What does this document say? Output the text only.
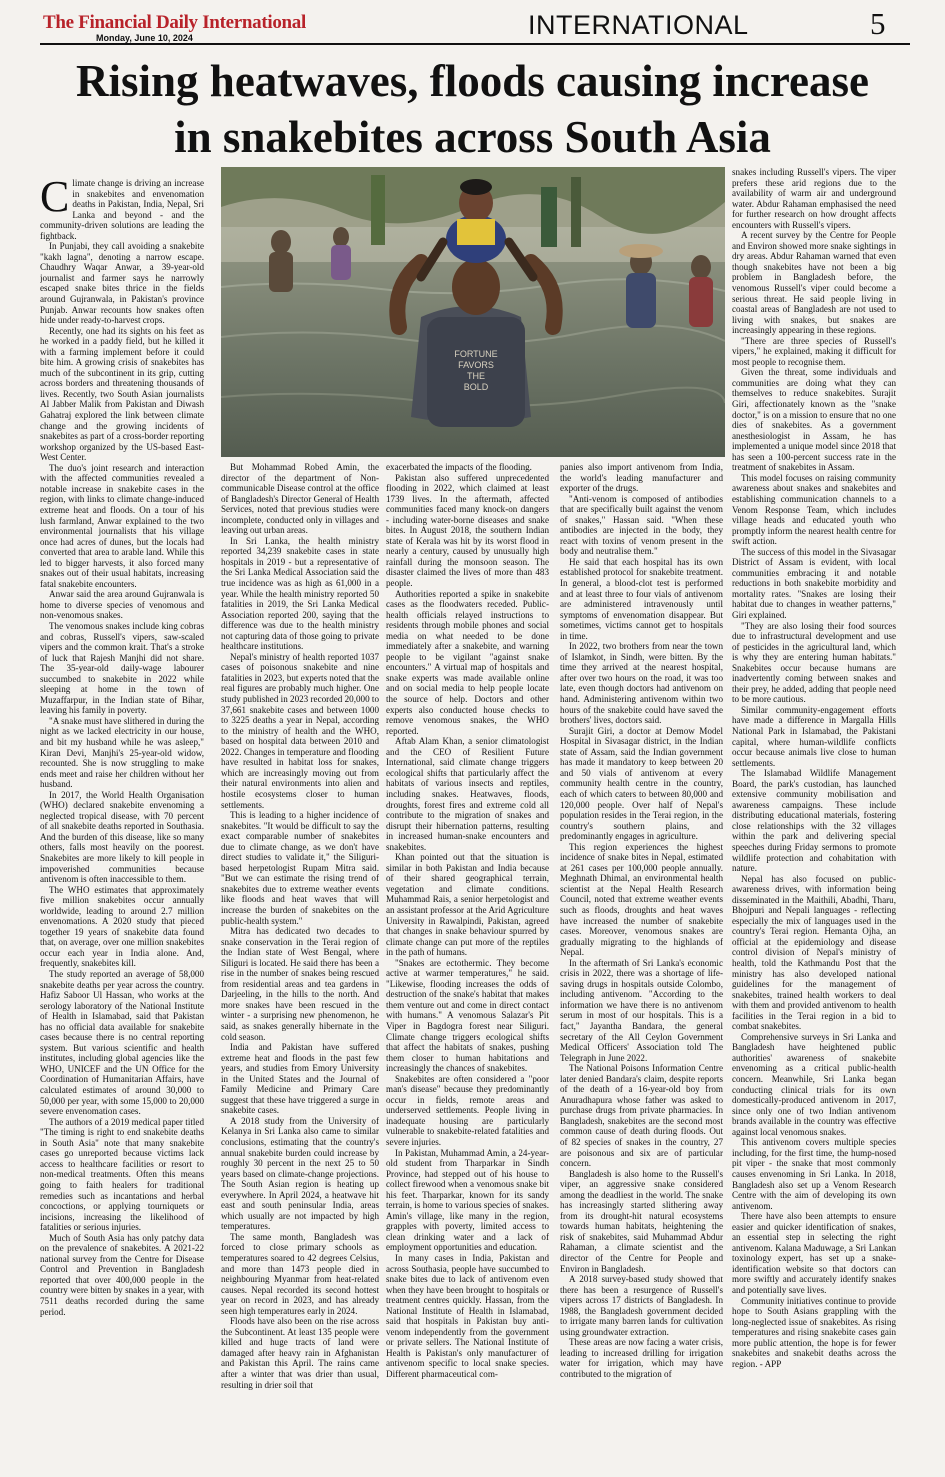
The Financial Daily International
Monday, June 10, 2024	INTERNATIONAL	5
Rising heatwaves, floods causing increase
in snakebites across South Asia
FORTUNE
FAVORS
THE
BOLD

Climate change is driving an increase in snakebites and envenomation deaths in Pakistan, India, Nepal, Sri Lanka and beyond - and the community-driven solutions are leading the fightback.

In Punjabi, they call avoiding a snakebite "kakh lagna", denoting a narrow escape. Chaudhry Waqar Anwar, a 39-year-old journalist and farmer says he narrowly escaped snake bites thrice in the fields around Gujranwala, in Pakistan's province Punjab. Anwar recounts how snakes often hide under ready-to-harvest crops.

Recently, one had its sights on his feet as he worked in a paddy field, but he killed it with a farming implement before it could bite him. A growing crisis of snakebites has much of the subcontinent in its grip, cutting across borders and threatening thousands of lives. Recently, two South Asian journalists Al Jabber Malik from Pakistan and Diwash Gahatraj explored the link between climate change and the growing incidents of snakebites as part of a cross-border reporting workshop organized by the US-based East-West Center.

The duo's joint research and interaction with the affected communities revealed a notable increase in snakebite cases in the region, with links to climate change-induced extreme heat and floods. On a tour of his lush farmland, Anwar explained to the two environmental journalists that his village once had acres of dunes, but the locals had converted that area to arable land. While this led to bigger harvests, it also forced many snakes out of their usual habitats, increasing fatal snakebite encounters.

Anwar said the area around Gujranwala is home to diverse species of venomous and non-venomous snakes.

The venomous snakes include king cobras and cobras, Russell's vipers, saw-scaled vipers and the common krait. That's a stroke of luck that Rajesh Manjhi did not share. The 35-year-old daily-wage labourer succumbed to snakebite in 2022 while sleeping at home in the town of Muzaffarpur, in the Indian state of Bihar, leaving his family in poverty.

"A snake must have slithered in during the night as we lacked electricity in our house, and bit my husband while he was asleep," Kiran Devi, Manjhi's 25-year-old widow, recounted. She is now struggling to make ends meet and raise her children without her husband.

In 2017, the World Health Organisation (WHO) declared snakebite envenoming a neglected tropical disease, with 70 percent of all snakebite deaths reported in Southasia. And the burden of this disease, like so many others, falls most heavily on the poorest. Snakebites are more likely to kill people in impoverished communities because antivenom is often inaccessible to them.

The WHO estimates that approximately five million snakebites occur annually worldwide, leading to around 2.7 million envenomations. A 2020 study that pieced together 19 years of snakebite data found that, on average, over one million snakebites occur each year in India alone. And, frequently, snakebites kill.

The study reported an average of 58,000 snakebite deaths per year across the country. Hafiz Saboor Ul Hassan, who works at the serology laboratory of the National Institute of Health in Islamabad, said that Pakistan has no official data available for snakebite cases because there is no central reporting system. But various scientific and health institutes, including global agencies like the WHO, UNICEF and the UN Office for the Coordination of Humanitarian Affairs, have calculated estimates of around 30,000 to 50,000 per year, with some 15,000 to 20,000 severe envenomation cases.

The authors of a 2019 medical paper titled "The timing is right to end snakebite deaths in South Asia" note that many snakebite cases go unreported because victims lack access to healthcare facilities or resort to non-medical treatments. Often this means going to faith healers for traditional remedies such as incantations and herbal concoctions, or applying tourniquets or incisions, increasing the likelihood of fatalities or serious injuries.

Much of South Asia has only patchy data on the prevalence of snakebites. A 2021-22 national survey from the Centre for Disease Control and Prevention in Bangladesh reported that over 400,000 people in the country were bitten by snakes in a year, with 7511 deaths recorded during the same period.

But Mohammad Robed Amin, the director of the department of Non-communicable Disease control at the office of Bangladesh's Director General of Health Services, noted that previous studies were incomplete, conducted only in villages and leaving out urban areas.

In Sri Lanka, the health ministry reported 34,239 snakebite cases in state hospitals in 2019 - but a representative of the Sri Lanka Medical Association said the true incidence was as high as 61,000 in a year. While the health ministry reported 50 fatalities in 2019, the Sri Lanka Medical Association reported 200, saying that the difference was due to the health ministry not capturing data of those going to private healthcare institutions.

Nepal's ministry of health reported 1037 cases of poisonous snakebite and nine fatalities in 2023, but experts noted that the real figures are probably much higher. One study published in 2023 recorded 20,000 to 37,661 snakebite cases and between 1000 to 3225 deaths a year in Nepal, according to the ministry of health and the WHO, based on hospital data between 2010 and 2022. Changes in temperature and flooding have resulted in habitat loss for snakes, which are increasingly moving out from their natural environments into alien and hostile ecosystems closer to human settlements.

This is leading to a higher incidence of snakebites. "It would be difficult to say the exact comparable number of snakebites due to climate change, as we don't have direct studies to validate it," the Siliguri-based herpetologist Rupam Mitra said. "But we can estimate the rising trend of snakebites due to extreme weather events like floods and heat waves that will increase the burden of snakebites on the public-health system."

Mitra has dedicated two decades to snake conservation in the Terai region of the Indian state of West Bengal, where Siliguri is located. He said there has been a rise in the number of snakes being rescued from residential areas and tea gardens in Darjeeling, in the hills to the north. And more snakes have been rescued in the winter - a surprising new phenomenon, he said, as snakes generally hibernate in the cold season.

India and Pakistan have suffered extreme heat and floods in the past few years, and studies from Emory University in the United States and the Journal of Family Medicine and Primary Care suggest that these have triggered a surge in snakebite cases.

A 2018 study from the University of Kelanya in Sri Lanka also came to similar conclusions, estimating that the country's annual snakebite burden could increase by roughly 30 percent in the next 25 to 50 years based on climate-change projections. The South Asian region is heating up everywhere. In April 2024, a heatwave hit east and south peninsular India, areas which usually are not impacted by high temperatures.

The same month, Bangladesh was forced to close primary schools as temperatures soared to 42 degrees Celsius, and more than 1473 people died in neighbouring Myanmar from heat-related causes. Nepal recorded its second hottest year on record in 2023, and has already seen high temperatures early in 2024.

Floods have also been on the rise across the Subcontinent. At least 135 people were killed and huge tracts of land were damaged after heavy rain in Afghanistan and Pakistan this April. The rains came after a winter that was drier than usual, resulting in drier soil that

exacerbated the impacts of the flooding.

Pakistan also suffered unprecedented flooding in 2022, which claimed at least 1739 lives. In the aftermath, affected communities faced many knock-on dangers - including water-borne diseases and snake bites. In August 2018, the southern Indian state of Kerala was hit by its worst flood in nearly a century, caused by unusually high rainfall during the monsoon season. The disaster claimed the lives of more than 483 people.

Authorities reported a spike in snakebite cases as the floodwaters receded. Public-health officials relayed instructions to residents through mobile phones and social media on what needed to be done immediately after a snakebite, and warning people to be vigilant "against snake encounters." A virtual map of hospitals and snake experts was made available online and on social media to help people locate the source of help. Doctors and other experts also conducted house checks to remove venomous snakes, the WHO reported.

Aftab Alam Khan, a senior climatologist and the CEO of Resilient Future International, said climate change triggers ecological shifts that particularly affect the habitats of various insects and reptiles, including snakes. Heatwaves, floods, droughts, forest fires and extreme cold all contribute to the migration of snakes and disrupt their hibernation patterns, resulting in increased human-snake encounters and snakebites.

Khan pointed out that the situation is similar in both Pakistan and India because of their shared geographical terrain, vegetation and climate conditions. Muhammad Rais, a senior herpetologist and an assistant professor at the Arid Agriculture University in Rawalpindi, Pakistan, agreed that changes in snake behaviour spurred by climate change can put more of the reptiles in the path of humans.

"Snakes are ectothermic. They become active at warmer temperatures," he said. "Likewise, flooding increases the odds of destruction of the snake's habitat that makes them venture out and come in direct contact with humans." A venomous Salazar's Pit Viper in Bagdogra forest near Siliguri. Climate change triggers ecological shifts that affect the habitats of snakes, pushing them closer to human habitations and increasingly the chances of snakebites.

Snakebites are often considered a "poor man's disease" because they predominantly occur in fields, remote areas and underserved settlements. People living in inadequate housing are particularly vulnerable to snakebite-related fatalities and severe injuries.

In Pakistan, Muhammad Amin, a 24-year-old student from Tharparkar in Sindh Province, had stepped out of his house to collect firewood when a venomous snake bit his feet. Tharparkar, known for its sandy terrain, is home to various species of snakes. Amin's village, like many in the region, grapples with poverty, limited access to clean drinking water and a lack of employment opportunities and education.

In many cases in India, Pakistan and across Southasia, people have succumbed to snake bites due to lack of antivenom even when they have been brought to hospitals or treatment centres quickly. Hassan, from the National Institute of Health in Islamabad, said that hospitals in Pakistan buy anti-venom independently from the government or private sellers. The National Institute of Health is Pakistan's only manufacturer of antivenom specific to local snake species. Different pharmaceutical com-

panies also import antivenom from India, the world's leading manufacturer and exporter of the drugs.

"Anti-venom is composed of antibodies that are specifically built against the venom of snakes," Hassan said. "When these antibodies are injected in the body, they react with toxins of venom present in the body and neutralise them."

He said that each hospital has its own established protocol for snakebite treatment. In general, a blood-clot test is performed and at least three to four vials of antivenom are administered intravenously until symptoms of envenomation disappear. But sometimes, victims cannot get to hospitals in time.

In 2022, two brothers from near the town of Islamkot, in Sindh, were bitten. By the time they arrived at the nearest hospital, after over two hours on the road, it was too late, even though doctors had antivenom on hand. Administering antivenom within two hours of the snakebite could have saved the brothers' lives, doctors said.

Surajit Giri, a doctor at Demow Model Hospital in Sivasagar district, in the Indian state of Assam, said the Indian government has made it mandatory to keep between 20 and 50 vials of antivenom at every community health centre in the country, each of which caters to between 80,000 and 120,000 people. Over half of Nepal's population resides in the Terai region, in the country's southern plains, and predominantly engages in agriculture.

This region experiences the highest incidence of snake bites in Nepal, estimated at 261 cases per 100,000 people annually. Meghnath Dhimal, an environmental health scientist at the Nepal Health Research Council, noted that extreme weather events such as floods, droughts and heat waves have increased the number of snakebite cases. Moreover, venomous snakes are gradually migrating to the highlands of Nepal.

In the aftermath of Sri Lanka's economic crisis in 2022, there was a shortage of life-saving drugs in hospitals outside Colombo, including antivenom. "According to the information we have there is no antivenom serum in most of our hospitals. This is a fact," Jayantha Bandara, the general secretary of the All Ceylon Government Medical Officers' Association told The Telegraph in June 2022.

The National Poisons Information Centre later denied Bandara's claim, despite reports of the death of a 16-year-old boy from Anuradhapura whose father was asked to purchase drugs from private pharmacies. In Bangladesh, snakebites are the second most common cause of death during floods. Out of 82 species of snakes in the country, 27 are poisonous and six are of particular concern.

Bangladesh is also home to the Russell's viper, an aggressive snake considered among the deadliest in the world. The snake has increasingly started slithering away from its drought-hit natural ecosystems towards human habitats, heightening the risk of snakebites, said Muhammad Abdur Rahaman, a climate scientist and the director of the Centre for People and Environ in Bangladesh.

A 2018 survey-based study showed that there has been a resurgence of Russell's vipers across 17 districts of Bangladesh. In 1988, the Bangladesh government decided to irrigate many barren lands for cultivation using groundwater extraction.

These areas are now facing a water crisis, leading to increased drilling for irrigation water for irrigation, which may have contributed to the migration of

snakes including Russell's vipers. The viper prefers these arid regions due to the availability of warm air and underground water. Abdur Rahaman emphasised the need for further research on how drought affects encounters with Russell's vipers.

A recent survey by the Centre for People and Environ showed more snake sightings in dry areas. Abdur Rahaman warned that even though snakebites have not been a big problem in Bangladesh before, the venomous Russell's viper could become a serious threat. He said people living in coastal areas of Bangladesh are not used to living with snakes, but snakes are increasingly appearing in these regions.

"There are three species of Russell's vipers," he explained, making it difficult for most people to recognise them.

Given the threat, some individuals and communities are doing what they can themselves to reduce snakebites. Surajit Giri, affectionately known as the "snake doctor," is on a mission to ensure that no one dies of snakebites. As a government anesthesiologist in Assam, he has implemented a unique model since 2018 that has seen a 100-percent success rate in the treatment of snakebites in Assam.

This model focuses on raising community awareness about snakes and snakebites and establishing communication channels to a Venom Response Team, which includes village heads and educated youth who promptly inform the nearest health centre for swift action.

The success of this model in the Sivasagar District of Assam is evident, with local communities embracing it and notable reductions in both snakebite morbidity and mortality rates. "Snakes are losing their habitat due to changes in weather patterns," Giri explained.

"They are also losing their food sources due to infrastructural development and use of pesticides in the agricultural land, which is why they are entering human habitats." Snakebites occur because humans are inadvertently coming between snakes and their prey, he added, adding that people need to be more cautious.

Similar community-engagement efforts have made a difference in Margalla Hills National Park in Islamabad, the Pakistani capital, where human-wildlife conflicts occur because animals live close to human settlements.

The Islamabad Wildlife Management Board, the park's custodian, has launched extensive community mobilisation and awareness campaigns. These include distributing educational materials, fostering close relationships with the 32 villages within the park and delivering special speeches during Friday sermons to promote wildlife protection and cohabitation with nature.

Nepal has also focused on public-awareness drives, with information being disseminated in the Maithili, Abadhi, Tharu, Bhojpuri and Nepali languages - reflecting especially the mix of languages used in the country's Terai region. Hemanta Ojha, an official at the epidemiology and disease control division of Nepal's ministry of health, told the Kathmandu Post that the ministry has also developed national guidelines for the management of snakebites, trained health workers to deal with them and provided antivenom to health facilities in the Terai region in a bid to combat snakebites.

Comprehensive surveys in Sri Lanka and Bangladesh have heightened public authorities' awareness of snakebite envenoming as a critical public-health concern. Meanwhile, Sri Lanka began conducting clinical trials for its own domestically-produced antivenom in 2017, since only one of two Indian antivenom brands available in the country was effective against local venomous snakes.

This antivenom covers multiple species including, for the first time, the hump-nosed pit viper - the snake that most commonly causes envenoming in Sri Lanka. In 2018, Bangladesh also set up a Venom Research Centre with the aim of developing its own antivenom.

There have also been attempts to ensure easier and quicker identification of snakes, an essential step in selecting the right antivenom. Kalana Maduwage, a Sri Lankan toxinology expert, has set up a snake-identification website so that doctors can more swiftly and accurately identify snakes and potentially save lives.

Community initiatives continue to provide hope to South Asians grappling with the long-neglected issue of snakebites. As rising temperatures and rising snakebite cases gain more public attention, the hope is for fewer snakebites and snakebit deaths across the region. - APP
